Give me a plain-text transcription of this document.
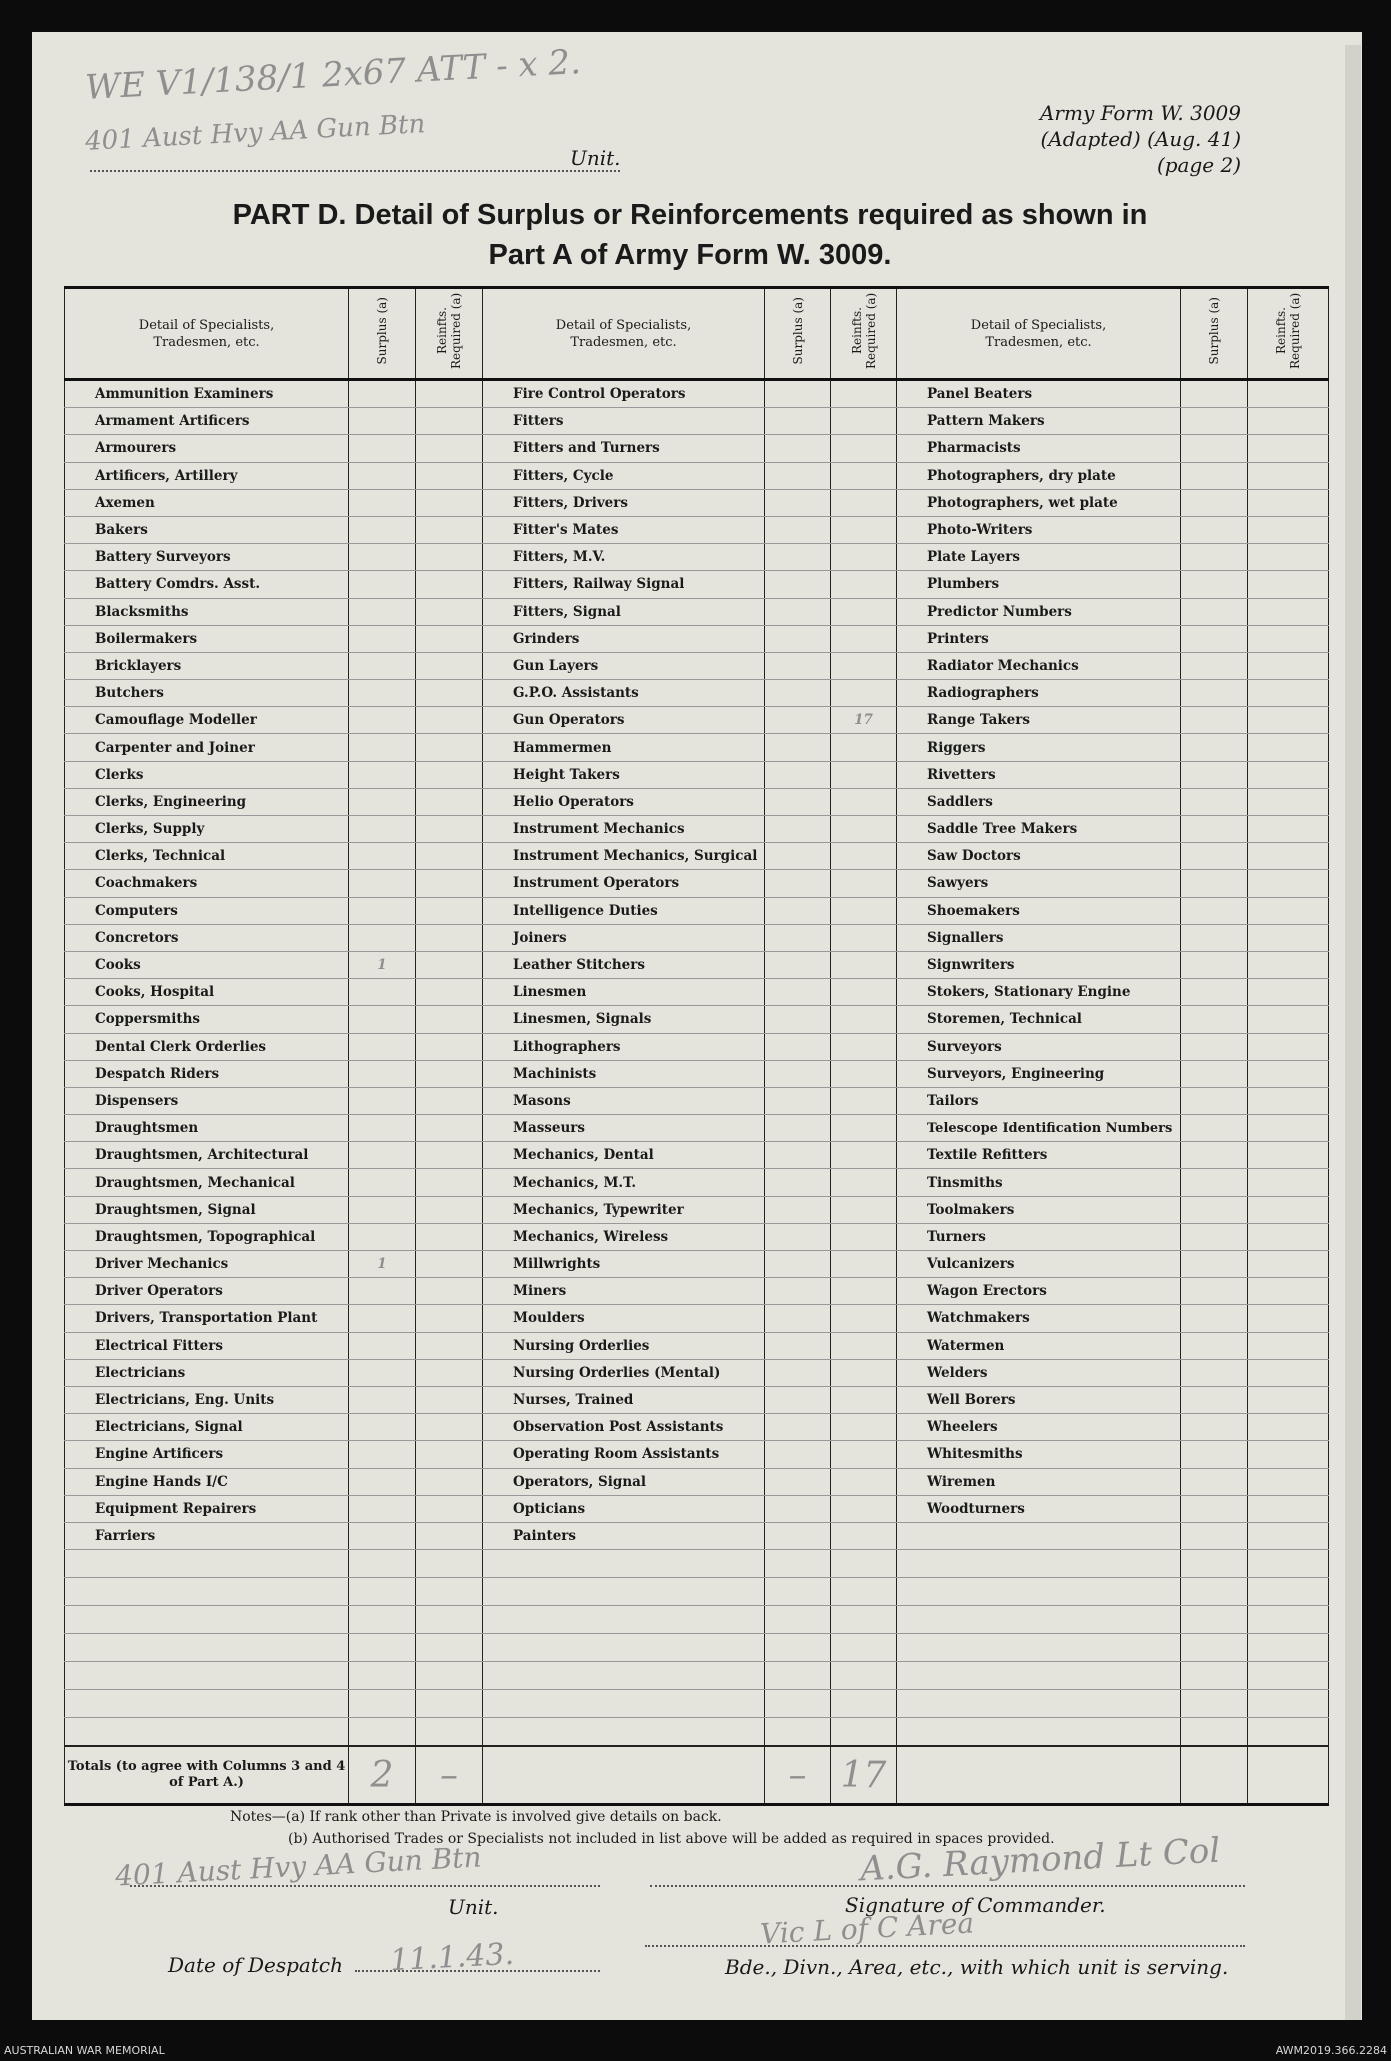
WE V1/138/1 2x67 ATT - x 2.
401 Aust Hvy AA Gun Btn
Unit.
Army Form W. 3009
(Adapted) (Aug. 41)
(page 2)
PART D. Detail of Surplus or Reinforcements required as shown in
Part A of Army Form W. 3009.
Detail of Specialists, Tradesmen, etc.	Surplus (a)	Reinfts. Required (a)	Detail of Specialists, Tradesmen, etc.	Surplus (a)	Reinfts. Required (a)	Detail of Specialists, Tradesmen, etc.	Surplus (a)	Reinfts. Required (a)
Ammunition Examiners			Fire Control Operators			Panel Beaters		
Armament Artificers			Fitters			Pattern Makers		
Armourers			Fitters and Turners			Pharmacists		
Artificers, Artillery			Fitters, Cycle			Photographers, dry plate		
Axemen			Fitters, Drivers			Photographers, wet plate		
Bakers			Fitter's Mates			Photo-Writers		
Battery Surveyors			Fitters, M.V.			Plate Layers		
Battery Comdrs. Asst.			Fitters, Railway Signal			Plumbers		
Blacksmiths			Fitters, Signal			Predictor Numbers		
Boilermakers			Grinders			Printers		
Bricklayers			Gun Layers			Radiator Mechanics		
Butchers			G.P.O. Assistants			Radiographers		
Camouflage Modeller			Gun Operators		17	Range Takers		
Carpenter and Joiner			Hammermen			Riggers		
Clerks			Height Takers			Rivetters		
Clerks, Engineering			Helio Operators			Saddlers		
Clerks, Supply			Instrument Mechanics			Saddle Tree Makers		
Clerks, Technical			Instrument Mechanics, Surgical			Saw Doctors		
Coachmakers			Instrument Operators			Sawyers		
Computers			Intelligence Duties			Shoemakers		
Concretors			Joiners			Signallers		
Cooks	1		Leather Stitchers			Signwriters		
Cooks, Hospital			Linesmen			Stokers, Stationary Engine		
Coppersmiths			Linesmen, Signals			Storemen, Technical		
Dental Clerk Orderlies			Lithographers			Surveyors		
Despatch Riders			Machinists			Surveyors, Engineering		
Dispensers			Masons			Tailors		
Draughtsmen			Masseurs			Telescope Identification Numbers		
Draughtsmen, Architectural			Mechanics, Dental			Textile Refitters		
Draughtsmen, Mechanical			Mechanics, M.T.			Tinsmiths		
Draughtsmen, Signal			Mechanics, Typewriter			Toolmakers		
Draughtsmen, Topographical			Mechanics, Wireless			Turners		
Driver Mechanics	1		Millwrights			Vulcanizers		
Driver Operators			Miners			Wagon Erectors		
Drivers, Transportation Plant			Moulders			Watchmakers		
Electrical Fitters			Nursing Orderlies			Watermen		
Electricians			Nursing Orderlies (Mental)			Welders		
Electricians, Eng. Units			Nurses, Trained			Well Borers		
Electricians, Signal			Observation Post Assistants			Wheelers		
Engine Artificers			Operating Room Assistants			Whitesmiths		
Engine Hands I/C			Operators, Signal			Wiremen		
Equipment Repairers			Opticians			Woodturners		
Farriers			Painters					

Totals (to agree with Columns 3 and 4 of Part A.)	2	–		–	17			
Notes—(a) If rank other than Private is involved give details on back.
(b) Authorised Trades or Specialists not included in list above will be added as required in spaces provided.
401 Aust Hvy AA Gun Btn
Unit.
A.G. Raymond Lt Col
Signature of Commander.
Date of Despatch 11.1.43.
Vic L of C Area
Bde., Divn., Area, etc., with which unit is serving.
AUSTRALIAN WAR MEMORIAL	AWM2019.366.2284
